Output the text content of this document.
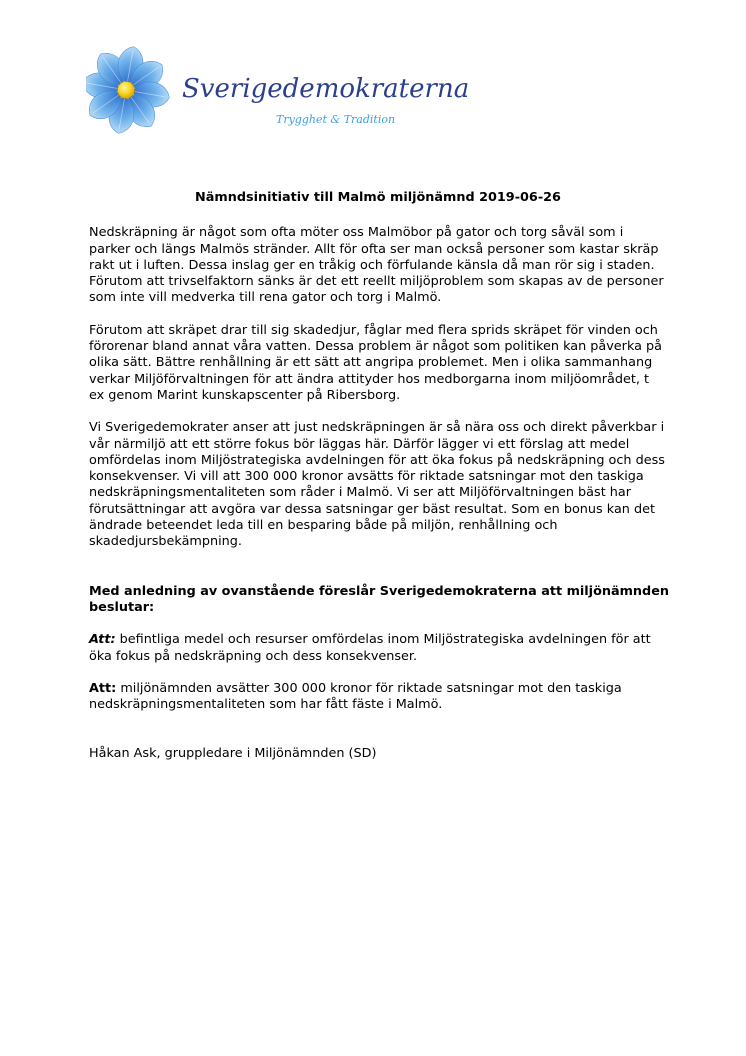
Sverigedemokraterna
Trygghet & Tradition
Nämndsinitiativ till Malmö miljönämnd 2019-06-26
Nedskräpning är något som ofta möter oss Malmöbor på gator och torg såväl som i
parker och längs Malmös stränder. Allt för ofta ser man också personer som kastar skräp
rakt ut i luften. Dessa inslag ger en tråkig och förfulande känsla då man rör sig i staden.
Förutom att trivselfaktorn sänks är det ett reellt miljöproblem som skapas av de personer
som inte vill medverka till rena gator och torg i Malmö.
Förutom att skräpet drar till sig skadedjur, fåglar med flera sprids skräpet för vinden och
förorenar bland annat våra vatten. Dessa problem är något som politiken kan påverka på
olika sätt. Bättre renhållning är ett sätt att angripa problemet. Men i olika sammanhang
verkar Miljöförvaltningen för att ändra attityder hos medborgarna inom miljöområdet, t
ex genom Marint kunskapscenter på Ribersborg.
Vi Sverigedemokrater anser att just nedskräpningen är så nära oss och direkt påverkbar i
vår närmiljö att ett större fokus bör läggas här. Därför lägger vi ett förslag att medel
omfördelas inom Miljöstrategiska avdelningen för att öka fokus på nedskräpning och dess
konsekvenser. Vi vill att 300 000 kronor avsätts för riktade satsningar mot den taskiga
nedskräpningsmentaliteten som råder i Malmö. Vi ser att Miljöförvaltningen bäst har
förutsättningar att avgöra var dessa satsningar ger bäst resultat. Som en bonus kan det
ändrade beteendet leda till en besparing både på miljön, renhållning och
skadedjursbekämpning.
Med anledning av ovanstående föreslår Sverigedemokraterna att miljönämnden
beslutar:
Att: befintliga medel och resurser omfördelas inom Miljöstrategiska avdelningen för att
öka fokus på nedskräpning och dess konsekvenser.
Att: miljönämnden avsätter 300 000 kronor för riktade satsningar mot den taskiga
nedskräpningsmentaliteten som har fått fäste i Malmö.
Håkan Ask, gruppledare i Miljönämnden (SD)
